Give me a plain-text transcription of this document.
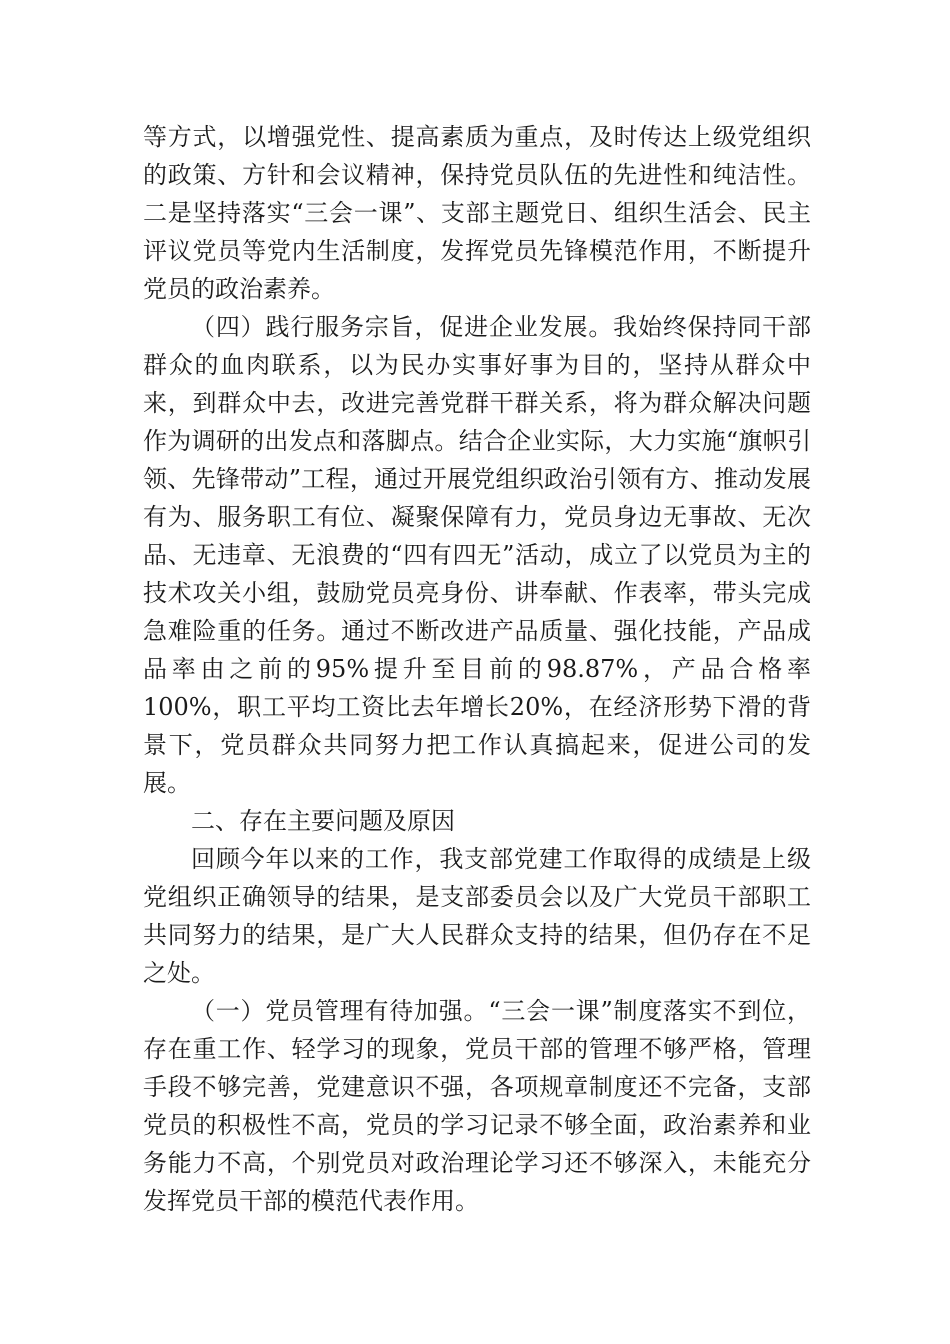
等方式，以增强党性、提高素质为重点，及时传达上级党组织的政策、方针和会议精神，保持党员队伍的先进性和纯洁性。二是坚持落实“三会一课”、支部主题党日、组织生活会、民主评议党员等党内生活制度，发挥党员先锋模范作用，不断提升党员的政治素养。

（四）践行服务宗旨，促进企业发展。我始终保持同干部群众的血肉联系，以为民办实事好事为目的，坚持从群众中来，到群众中去，改进完善党群干群关系，将为群众解决问题作为调研的出发点和落脚点。结合企业实际，大力实施“旗帜引领、先锋带动”工程，通过开展党组织政治引领有方、推动发展有为、服务职工有位、凝聚保障有力，党员身边无事故、无次品、无违章、无浪费的“四有四无”活动，成立了以党员为主的技术攻关小组，鼓励党员亮身份、讲奉献、作表率，带头完成急难险重的任务。通过不断改进产品质量、强化技能，产品成品率由之前的95%提升至目前的98.87%，产品合格率100%，职工平均工资比去年增长20%，在经济形势下滑的背景下，党员群众共同努力把工作认真搞起来，促进公司的发展。

二、存在主要问题及原因

回顾今年以来的工作，我支部党建工作取得的成绩是上级党组织正确领导的结果，是支部委员会以及广大党员干部职工共同努力的结果，是广大人民群众支持的结果，但仍存在不足之处。

（一）党员管理有待加强。“三会一课”制度落实不到位，存在重工作、轻学习的现象，党员干部的管理不够严格，管理手段不够完善，党建意识不强，各项规章制度还不完备，支部党员的积极性不高，党员的学习记录不够全面，政治素养和业务能力不高，个别党员对政治理论学习还不够深入，未能充分发挥党员干部的模范代表作用。
